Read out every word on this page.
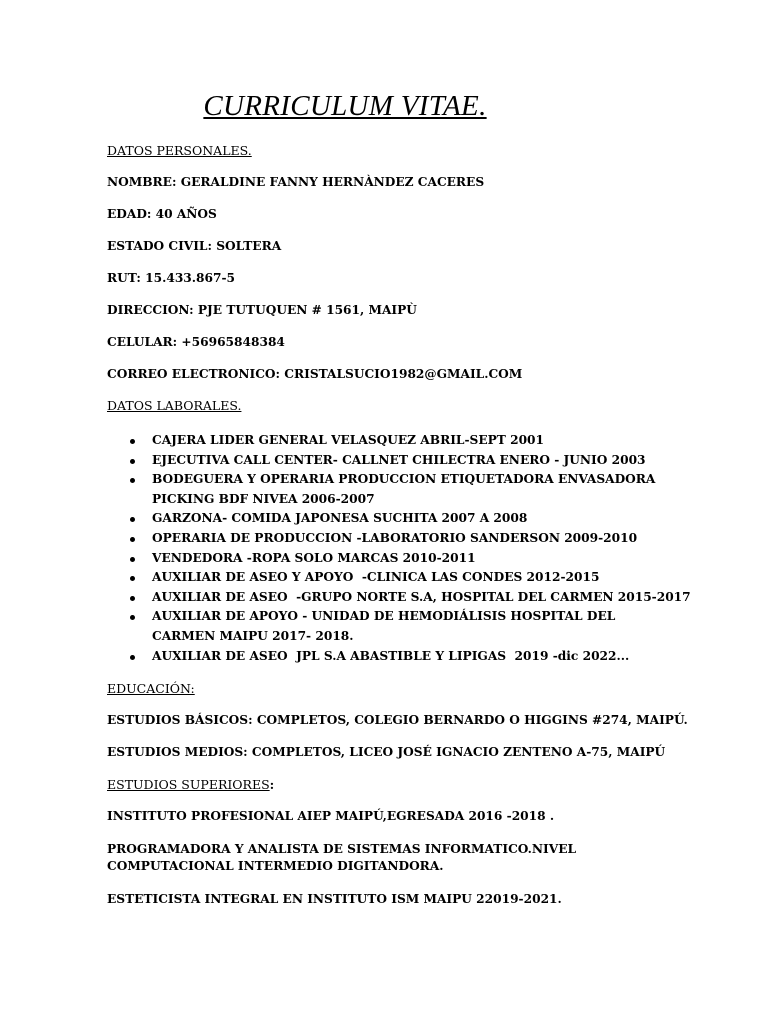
CURRICULUM VITAE.
DATOS PERSONALES.
NOMBRE: GERALDINE FANNY HERNÀNDEZ CACERES
EDAD: 40 AÑOS
ESTADO CIVIL: SOLTERA
RUT: 15.433.867-5
DIRECCION: PJE TUTUQUEN # 1561, MAIPÙ
CELULAR: +56965848384
CORREO ELECTRONICO: CRISTALSUCIO1982@GMAIL.COM
DATOS LABORALES.
CAJERA LIDER GENERAL VELASQUEZ ABRIL-SEPT 2001
EJECUTIVA CALL CENTER- CALLNET CHILECTRA ENERO - JUNIO 2003
BODEGUERA Y OPERARIA PRODUCCION ETIQUETADORA ENVASADORA PICKING BDF NIVEA 2006-2007
GARZONA- COMIDA JAPONESA SUCHITA 2007 A 2008
OPERARIA DE PRODUCCION -LABORATORIO SANDERSON 2009-2010
VENDEDORA -ROPA SOLO MARCAS 2010-2011
AUXILIAR DE ASEO Y APOYO  -CLINICA LAS CONDES 2012-2015
AUXILIAR DE ASEO  -GRUPO NORTE S.A, HOSPITAL DEL CARMEN 2015-2017
AUXILIAR DE APOYO - UNIDAD DE HEMODIÁLISIS HOSPITAL DEL CARMEN MAIPU 2017- 2018.
AUXILIAR DE ASEO  JPL S.A ABASTIBLE Y LIPIGAS  2019 -dic 2022...
EDUCACIÓN:
ESTUDIOS BÁSICOS: COMPLETOS, COLEGIO BERNARDO O HIGGINS #274, MAIPÚ.
ESTUDIOS MEDIOS: COMPLETOS, LICEO JOSÉ IGNACIO ZENTENO A-75, MAIPÚ
ESTUDIOS SUPERIORES:
INSTITUTO PROFESIONAL AIEP MAIPÚ,EGRESADA 2016 -2018 .
PROGRAMADORA Y ANALISTA DE SISTEMAS INFORMATICO.NIVEL COMPUTACIONAL INTERMEDIO DIGITANDORA.
ESTETICISTA INTEGRAL EN INSTITUTO ISM MAIPU 22019-2021.
